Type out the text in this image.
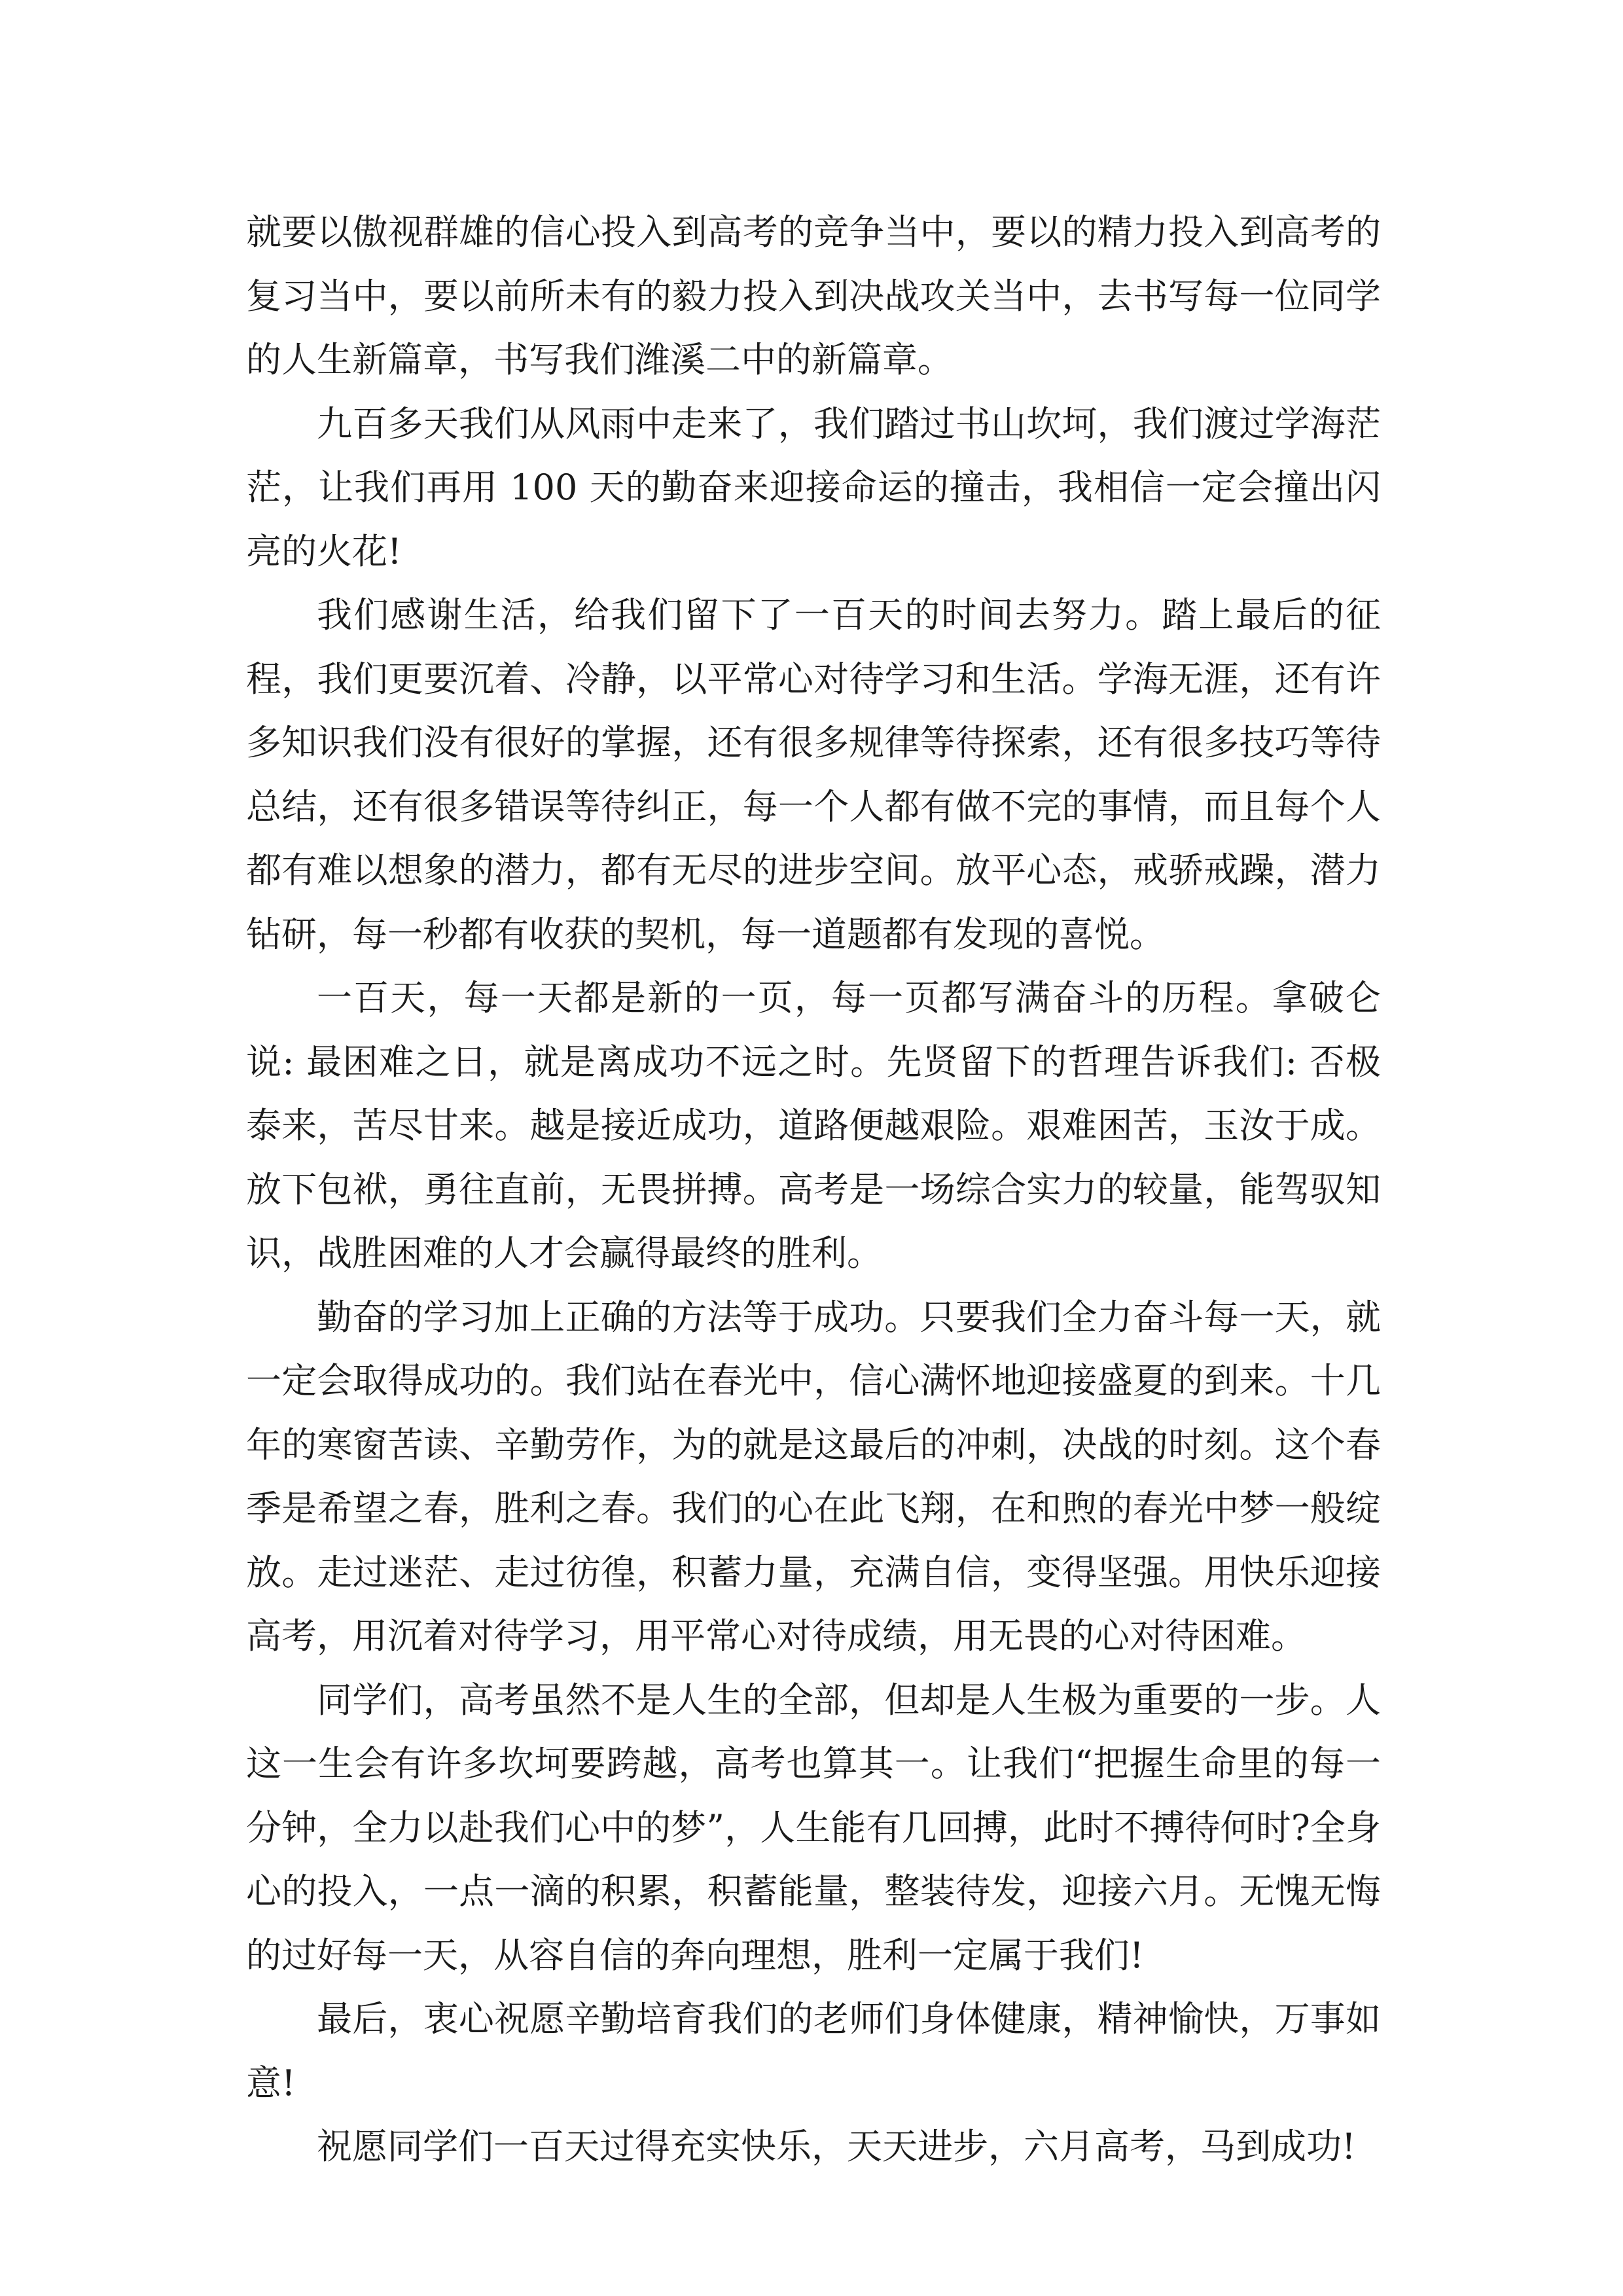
就要以傲视群雄的信心投入到高考的竞争当中，要以的精力投入到高考的复习当中，要以前所未有的毅力投入到决战攻关当中，去书写每一位同学的人生新篇章，书写我们潍溪二中的新篇章。

九百多天我们从风雨中走来了，我们踏过书山坎坷，我们渡过学海茫茫，让我们再用 100 天的勤奋来迎接命运的撞击，我相信一定会撞出闪亮的火花!

我们感谢生活，给我们留下了一百天的时间去努力。踏上最后的征程，我们更要沉着、冷静，以平常心对待学习和生活。学海无涯，还有许多知识我们没有很好的掌握，还有很多规律等待探索，还有很多技巧等待总结，还有很多错误等待纠正，每一个人都有做不完的事情，而且每个人都有难以想象的潜力，都有无尽的进步空间。放平心态，戒骄戒躁，潜力钻研，每一秒都有收获的契机，每一道题都有发现的喜悦。

一百天，每一天都是新的一页，每一页都写满奋斗的历程。拿破仑说: 最困难之日，就是离成功不远之时。先贤留下的哲理告诉我们: 否极泰来，苦尽甘来。越是接近成功，道路便越艰险。艰难困苦，玉汝于成。放下包袱，勇往直前，无畏拼搏。高考是一场综合实力的较量，能驾驭知识，战胜困难的人才会赢得最终的胜利。

勤奋的学习加上正确的方法等于成功。只要我们全力奋斗每一天，就一定会取得成功的。我们站在春光中，信心满怀地迎接盛夏的到来。十几年的寒窗苦读、辛勤劳作，为的就是这最后的冲刺，决战的时刻。这个春季是希望之春，胜利之春。我们的心在此飞翔，在和煦的春光中梦一般绽放。走过迷茫、走过彷徨，积蓄力量，充满自信，变得坚强。用快乐迎接高考，用沉着对待学习，用平常心对待成绩，用无畏的心对待困难。

同学们，高考虽然不是人生的全部，但却是人生极为重要的一步。人这一生会有许多坎坷要跨越，高考也算其一。让我们“把握生命里的每一分钟，全力以赴我们心中的梦”，人生能有几回搏，此时不搏待何时?全身心的投入，一点一滴的积累，积蓄能量，整装待发，迎接六月。无愧无悔的过好每一天，从容自信的奔向理想，胜利一定属于我们!

最后，衷心祝愿辛勤培育我们的老师们身体健康，精神愉快，万事如意!

祝愿同学们一百天过得充实快乐，天天进步，六月高考，马到成功!
